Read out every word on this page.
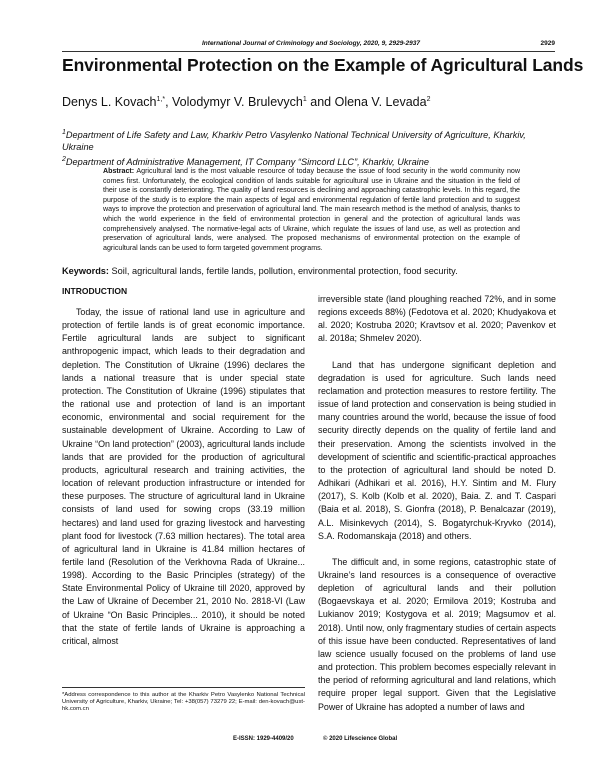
International Journal of Criminology and Sociology, 2020, 9, 2929-2937	2929
Environmental Protection on the Example of Agricultural Lands
Denys L. Kovach$^{1,*}$, Volodymyr V. Brulevych$^1$ and Olena V. Levada$^2$
$^1$Department of Life Safety and Law, Kharkiv Petro Vasylenko National Technical University of Agriculture, Kharkiv, Ukraine
$^2$Department of Administrative Management, IT Company “Simcord LLC”, Kharkiv, Ukraine
Abstract: Agricultural land is the most valuable resource of today because the issue of food security in the world community now comes first. Unfortunately, the ecological condition of lands suitable for agricultural use in Ukraine and the situation in the field of their use is constantly deteriorating. The quality of land resources is declining and approaching catastrophic levels. In this regard, the purpose of the study is to explore the main aspects of legal and environmental regulation of fertile land protection and to suggest ways to improve the protection and preservation of agricultural land. The main research method is the method of analysis, thanks to which the world experience in the field of environmental protection in general and the protection of agricultural lands was comprehensively analysed. The normative-legal acts of Ukraine, which regulate the issues of land use, as well as protection and preservation of agricultural lands, were analysed. The proposed mechanisms of environmental protection on the example of agricultural lands can be used to form targeted government programs.
Keywords: Soil, agricultural lands, fertile lands, pollution, environmental protection, food security.
INTRODUCTION

Today, the issue of rational land use in agriculture and protection of fertile lands is of great economic importance. Fertile agricultural lands are subject to significant anthropogenic impact, which leads to their degradation and depletion. The Constitution of Ukraine (1996) declares the lands a national treasure that is under special state protection. The Constitution of Ukraine (1996) stipulates that the rational use and protection of land is an important economic, environmental and social requirement for the sustainable development of Ukraine. According to Law of Ukraine “On land protection” (2003), agricultural lands include lands that are provided for the production of agricultural products, agricultural research and training activities, the location of relevant production infrastructure or intended for these purposes. The structure of agricultural land in Ukraine consists of land used for sowing crops (33.19 million hectares) and land used for grazing livestock and harvesting plant food for livestock (7.63 million hectares). The total area of agricultural land in Ukraine is 41.84 million hectares of fertile land (Resolution of the Verkhovna Rada of Ukraine... 1998). According to the Basic Principles (strategy) of the State Environmental Policy of Ukraine till 2020, approved by the Law of Ukraine of December 21, 2010 No. 2818-VI (Law of Ukraine “On Basic Principles... 2010), it should be noted that the state of fertile lands of Ukraine is approaching a critical, almost

irreversible state (land ploughing reached 72%, and in some regions exceeds 88%) (Fedotova et al. 2020; Khudyakova et al. 2020; Kostruba 2020; Kravtsov et al. 2020; Pavenkov et al. 2018a; Shmelev 2020).

Land that has undergone significant depletion and degradation is used for agriculture. Such lands need reclamation and protection measures to restore fertility. The issue of land protection and conservation is being studied in many countries around the world, because the issue of food security directly depends on the quality of fertile land and their preservation. Among the scientists involved in the development of scientific and scientific-practical approaches to the protection of agricultural land should be noted D. Adhikari (Adhikari et al. 2016), H.Y. Sintim and M. Flury (2017), S. Kolb (Kolb et al. 2020), Baia. Z. and T. Caspari (Baia et al. 2018), S. Gionfra (2018), P. Benalcazar (2019), A.L. Misinkevych (2014), S. Bogatyrchuk-Kryvko (2014), S.A. Rodomanskaja (2018) and others.

The difficult and, in some regions, catastrophic state of Ukraine’s land resources is a consequence of overactive depletion of agricultural lands and their pollution (Bogaevskaya et al. 2020; Ermilova 2019; Kostruba and Lukianov 2019; Kostygova et al. 2019; Magsumov et al. 2018). Until now, only fragmentary studies of certain aspects of this issue have been conducted. Representatives of land law science usually focused on the problems of land use and protection. This problem becomes especially relevant in the period of reforming agricultural and land relations, which require proper legal support. Given that the Legislative Power of Ukraine has adopted a number of laws and

*Address correspondence to this author at the Kharkiv Petro Vasylenko National Technical University of Agriculture, Kharkiv, Ukraine; Tel: +38(057) 73279 22; E-mail: den-kovach@ust-hk.com.cn
E-ISSN: 1929-4409/20	© 2020 Lifescience Global
